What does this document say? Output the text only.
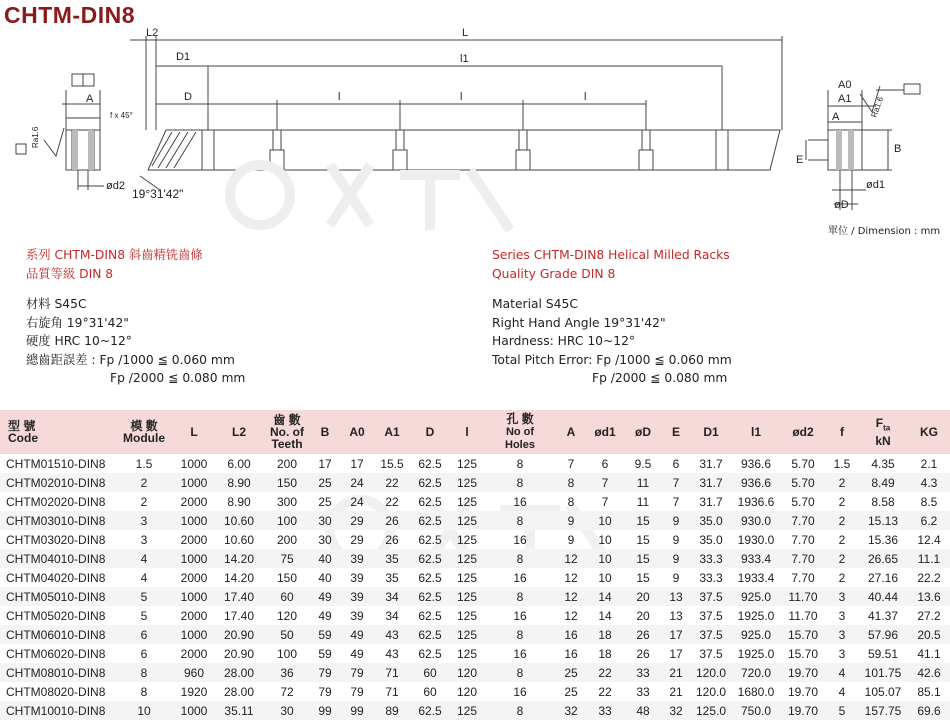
CHTM-DIN8
A
f x 45°
Ra1.6
ød2
L2	L
D1	l1
D	l	l	l
19°31'42"
A0
A1
A	Ra1.6
E
B
ød1
øD
單位 / Dimension : mm
系列 CHTM-DIN8 斜齒精铣齒條
品質等級 DIN 8
材料 S45C
右旋角 19°31'42"
硬度 HRC 10~12°
總齒距誤差 : Fp /1000 ≦ 0.060 mm
Fp /2000 ≦ 0.080 mm
Series CHTM-DIN8 Helical Milled Racks
Quality Grade DIN 8
Material S45C
Right Hand Angle 19°31'42"
Hardness: HRC 10~12°
Total Pitch Error: Fp /1000 ≦ 0.060 mm
Fp /2000 ≦ 0.080 mm
型 號
Code	模 數
Module	L	L2	齒 數
No. of
Teeth	B	A0	A1	D	l	孔 數
No of
Holes	A	ød1	øD	E	D1	l1	ød2	f	$F_{ta}$
kN	KG
CHTM01510-DIN8	1.5	1000	6.00	200	17	17	15.5	62.5	125	8	7	6	9.5	6	31.7	936.6	5.70	1.5	4.35	2.1
CHTM02010-DIN8	2	1000	8.90	150	25	24	22	62.5	125	8	8	7	11	7	31.7	936.6	5.70	2	8.49	4.3
CHTM02020-DIN8	2	2000	8.90	300	25	24	22	62.5	125	16	8	7	11	7	31.7	1936.6	5.70	2	8.58	8.5
CHTM03010-DIN8	3	1000	10.60	100	30	29	26	62.5	125	8	9	10	15	9	35.0	930.0	7.70	2	15.13	6.2
CHTM03020-DIN8	3	2000	10.60	200	30	29	26	62.5	125	16	9	10	15	9	35.0	1930.0	7.70	2	15.36	12.4
CHTM04010-DIN8	4	1000	14.20	75	40	39	35	62.5	125	8	12	10	15	9	33.3	933.4	7.70	2	26.65	11.1
CHTM04020-DIN8	4	2000	14.20	150	40	39	35	62.5	125	16	12	10	15	9	33.3	1933.4	7.70	2	27.16	22.2
CHTM05010-DIN8	5	1000	17.40	60	49	39	34	62.5	125	8	12	14	20	13	37.5	925.0	11.70	3	40.44	13.6
CHTM05020-DIN8	5	2000	17.40	120	49	39	34	62.5	125	16	12	14	20	13	37.5	1925.0	11.70	3	41.37	27.2
CHTM06010-DIN8	6	1000	20.90	50	59	49	43	62.5	125	8	16	18	26	17	37.5	925.0	15.70	3	57.96	20.5
CHTM06020-DIN8	6	2000	20.90	100	59	49	43	62.5	125	16	16	18	26	17	37.5	1925.0	15.70	3	59.51	41.1
CHTM08010-DIN8	8	960	28.00	36	79	79	71	60	120	8	25	22	33	21	120.0	720.0	19.70	4	101.75	42.6
CHTM08020-DIN8	8	1920	28.00	72	79	79	71	60	120	16	25	22	33	21	120.0	1680.0	19.70	4	105.07	85.1
CHTM10010-DIN8	10	1000	35.11	30	99	99	89	62.5	125	8	32	33	48	32	125.0	750.0	19.70	5	157.75	69.6
